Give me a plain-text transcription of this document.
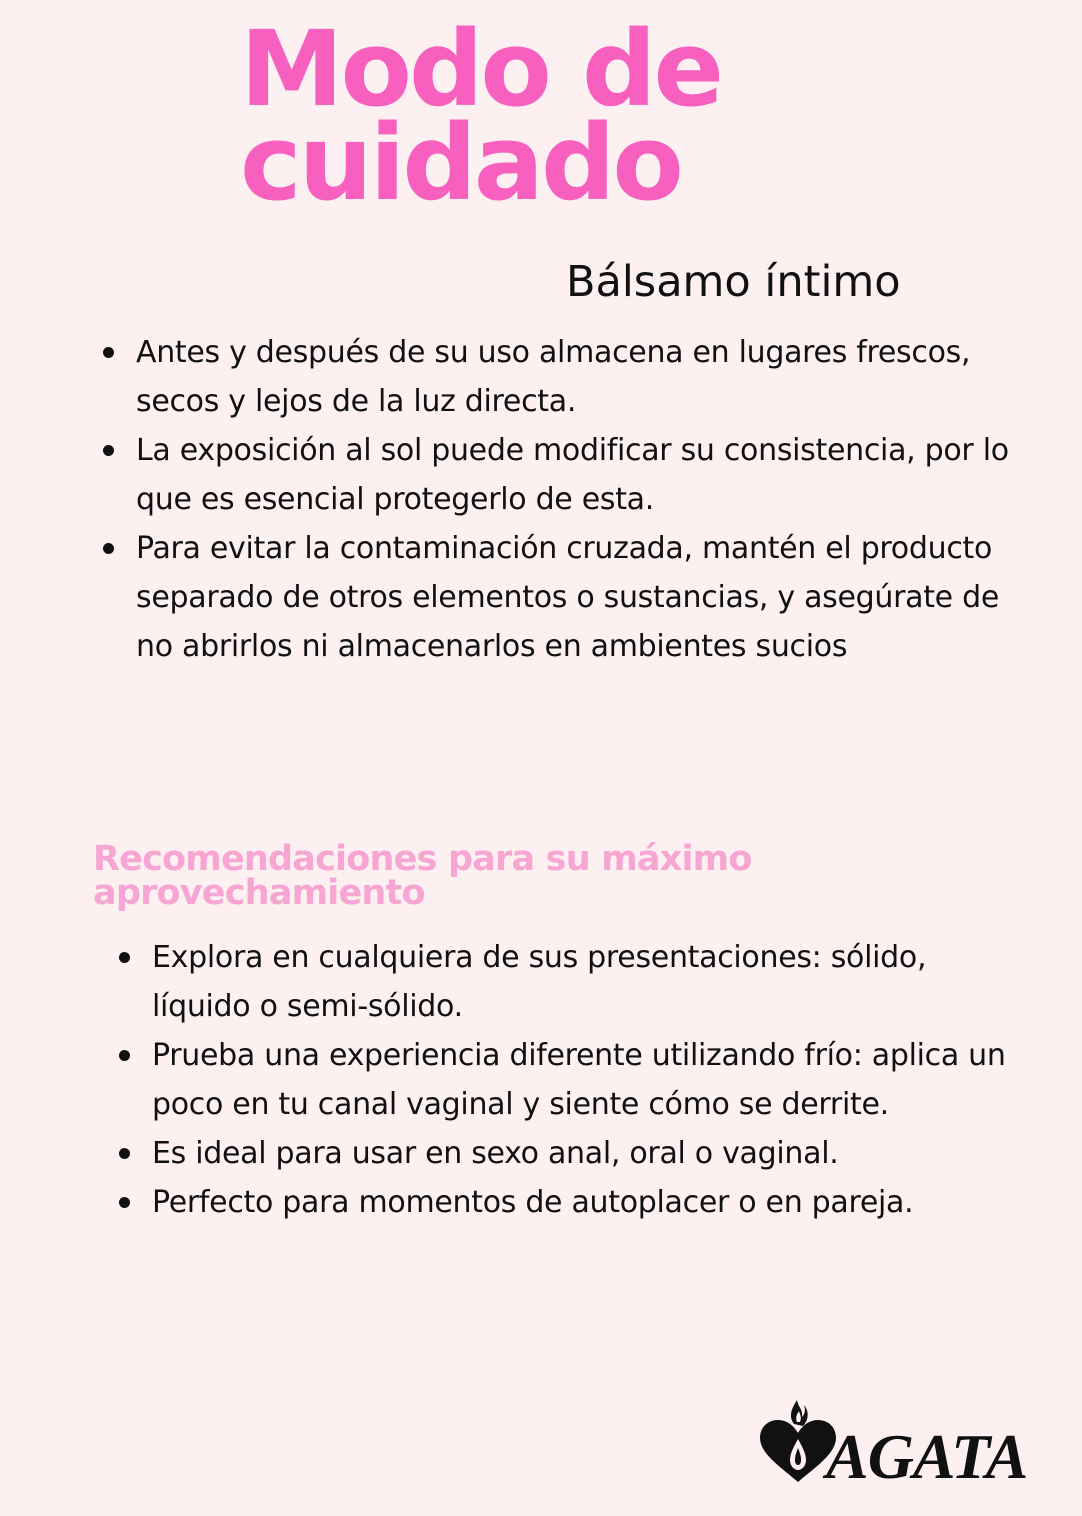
Modo de cuidado
Bálsamo íntimo
Antes y después de su uso almacena en lugares frescos, secos y lejos de la luz directa.
La exposición al sol puede modificar su consistencia, por lo que es esencial protegerlo de esta.
Para evitar la contaminación cruzada, mantén el producto separado de otros elementos o sustancias, y asegúrate de no abrirlos ni almacenarlos en ambientes sucios
Recomendaciones para su máximo aprovechamiento
Explora en cualquiera de sus presentaciones: sólido, líquido o semi-sólido.
Prueba una experiencia diferente utilizando frío: aplica un poco en tu canal vaginal y siente cómo se derrite.
Es ideal para usar en sexo anal, oral o vaginal.
Perfecto para momentos de autoplacer o en pareja.
AGATA
